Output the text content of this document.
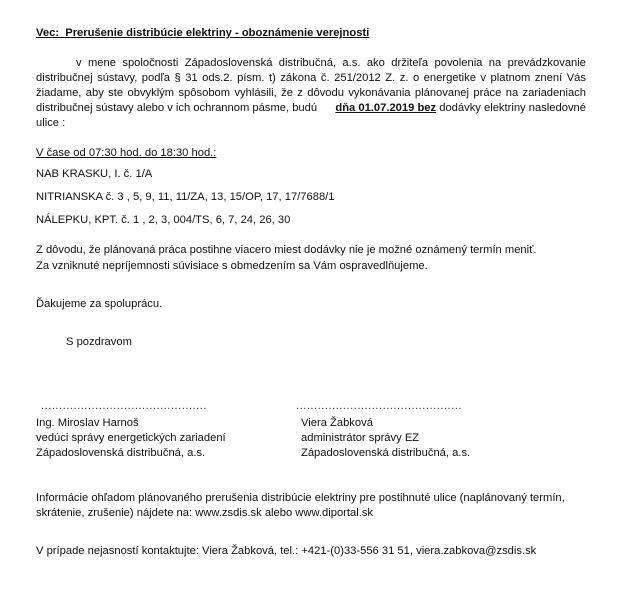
Vec: Prerušenie distribúcie elektriny - oboznámenie verejnosti
v mene spoločnosti Západoslovenská distribučná, a.s. ako držiteľa povolenia na prevádzkovanie
distribučnej sústavy, podľa § 31 ods.2. písm. t) zákona č. 251/2012 Z. z. o energetike v platnom znení Vás
žiadame, aby ste obvyklým spôsobom vyhlásili, že z dôvodu vykonávania plánovanej práce na zariadeniach
distribučnej sústavy alebo v ich ochrannom pásme, budú dňa 01.07.2019 bez dodávky elektriny nasledovné
ulice :
V čase od 07:30 hod. do 18:30 hod.:
NAB KRASKU, I. č. 1/A
NITRIANSKA č. 3 , 5, 9, 11, 11/ZA, 13, 15/OP, 17, 17/7688/1
NÁLEPKU, KPT. č. 1 , 2, 3, 004/TS, 6, 7, 24, 26, 30
Z dôvodu, že plánovaná práca postihne viacero miest dodávky nie je možné oznámený termín meniť.
Za vzniknuté nepríjemnosti súvisiace s obmedzením sa Vám ospravedlňujeme.
Ďakujeme za spoluprácu.
S pozdravom
..............................................	..............................................
Ing. Miroslav Harnoš
vedúci správy energetických zariadení
Západoslovenská distribučná, a.s.
Viera Žabková
administrátor správy EZ
Západoslovenská distribučná, a.s.
Informácie ohľadom plánovaného prerušenia distribúcie elektriny pre postihnuté ulice (naplánovaný termín,
skrátenie, zrušenie) nájdete na: www.zsdis.sk alebo www.diportal.sk
V prípade nejasností kontaktujte: Viera Žabková, tel.: +421-(0)33-556 31 51, viera.zabkova@zsdis.sk
